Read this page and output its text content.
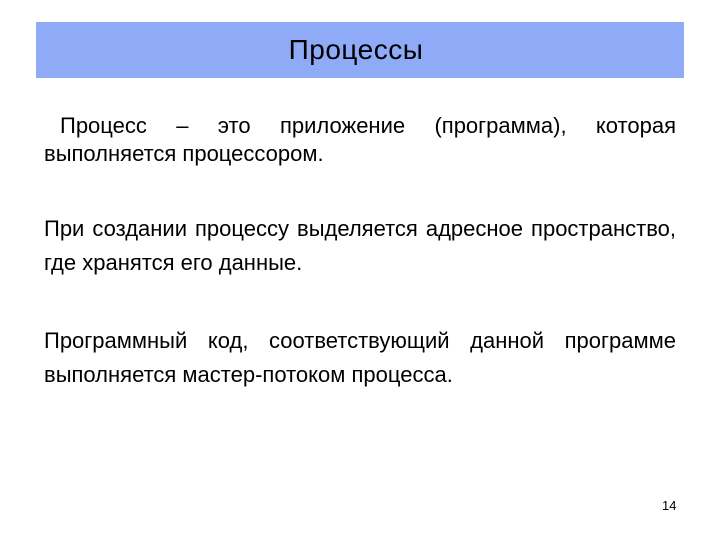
Процессы

Процесс – это приложение (программа), которая выполняется процессором.

При создании процессу выделяется адресное пространство, где хранятся его данные.

Программный код, соответствующий данной программе выполняется мастер-потоком процесса.

14
